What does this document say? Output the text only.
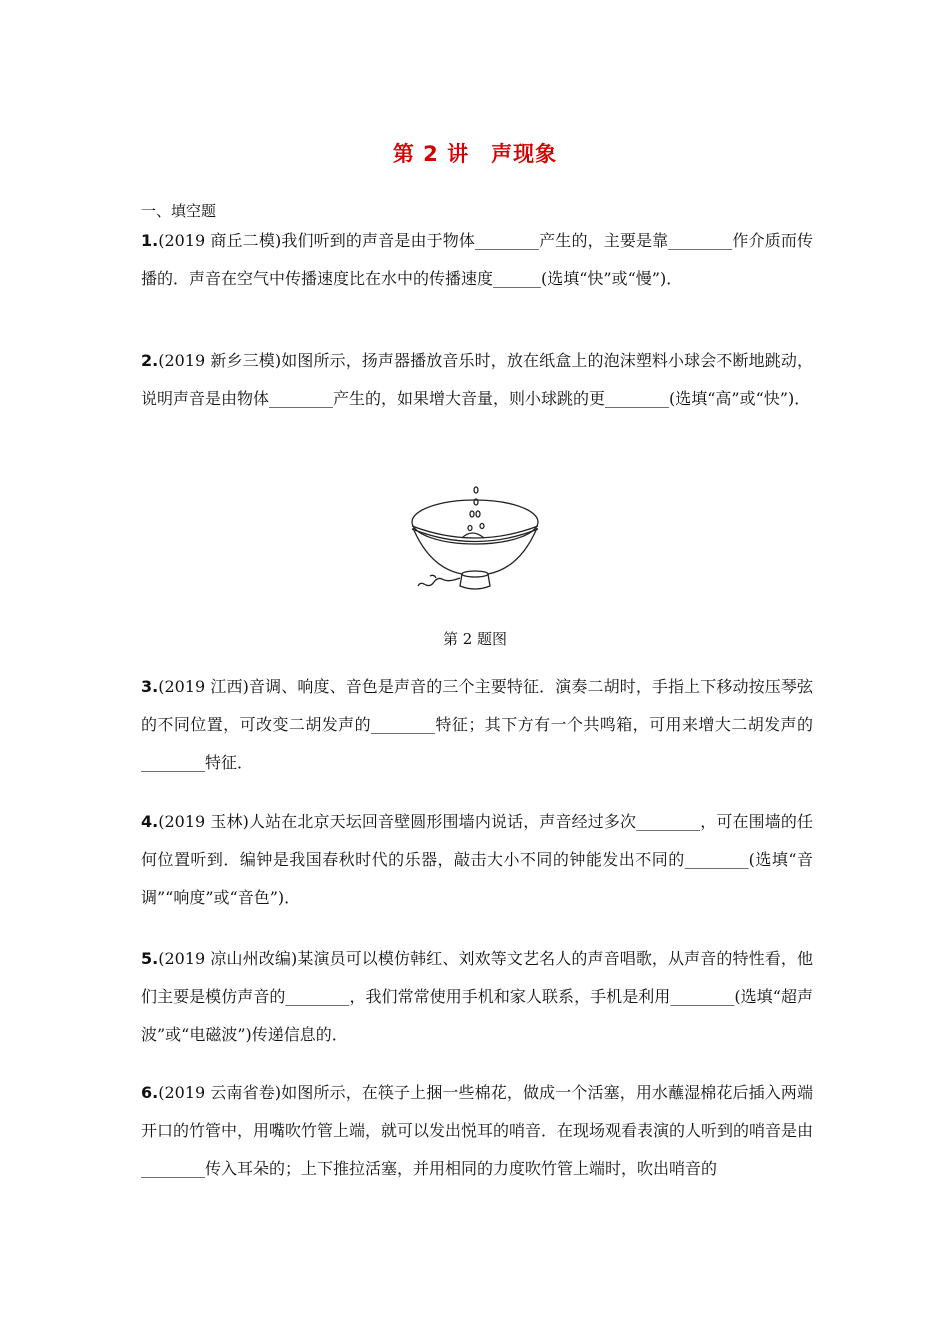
第 2 讲　声现象
一、填空题
1.(2019 商丘二模)我们听到的声音是由于物体________产生的，主要是靠________作介质而传播的．声音在空气中传播速度比在水中的传播速度______(选填“快”或“慢”)．
2.(2019 新乡三模)如图所示，扬声器播放音乐时，放在纸盒上的泡沫塑料小球会不断地跳动，说明声音是由物体________产生的，如果增大音量，则小球跳的更________(选填“高”或“快”)．
第 2 题图
3.(2019 江西)音调、响度、音色是声音的三个主要特征．演奏二胡时，手指上下移动按压琴弦的不同位置，可改变二胡发声的________特征；其下方有一个共鸣箱，可用来增大二胡发声的________特征．
4.(2019 玉林)人站在北京天坛回音壁圆形围墙内说话，声音经过多次________，可在围墙的任何位置听到．编钟是我国春秋时代的乐器，敲击大小不同的钟能发出不同的________(选填“音调”“响度”或“音色”)．
5.(2019 凉山州改编)某演员可以模仿韩红、刘欢等文艺名人的声音唱歌，从声音的特性看，他们主要是模仿声音的________，我们常常使用手机和家人联系，手机是利用________(选填“超声波”或“电磁波”)传递信息的．
6.(2019 云南省卷)如图所示，在筷子上捆一些棉花，做成一个活塞，用水蘸湿棉花后插入两端开口的竹管中，用嘴吹竹管上端，就可以发出悦耳的哨音．在现场观看表演的人听到的哨音是由________传入耳朵的；上下推拉活塞，并用相同的力度吹竹管上端时，吹出哨音的
